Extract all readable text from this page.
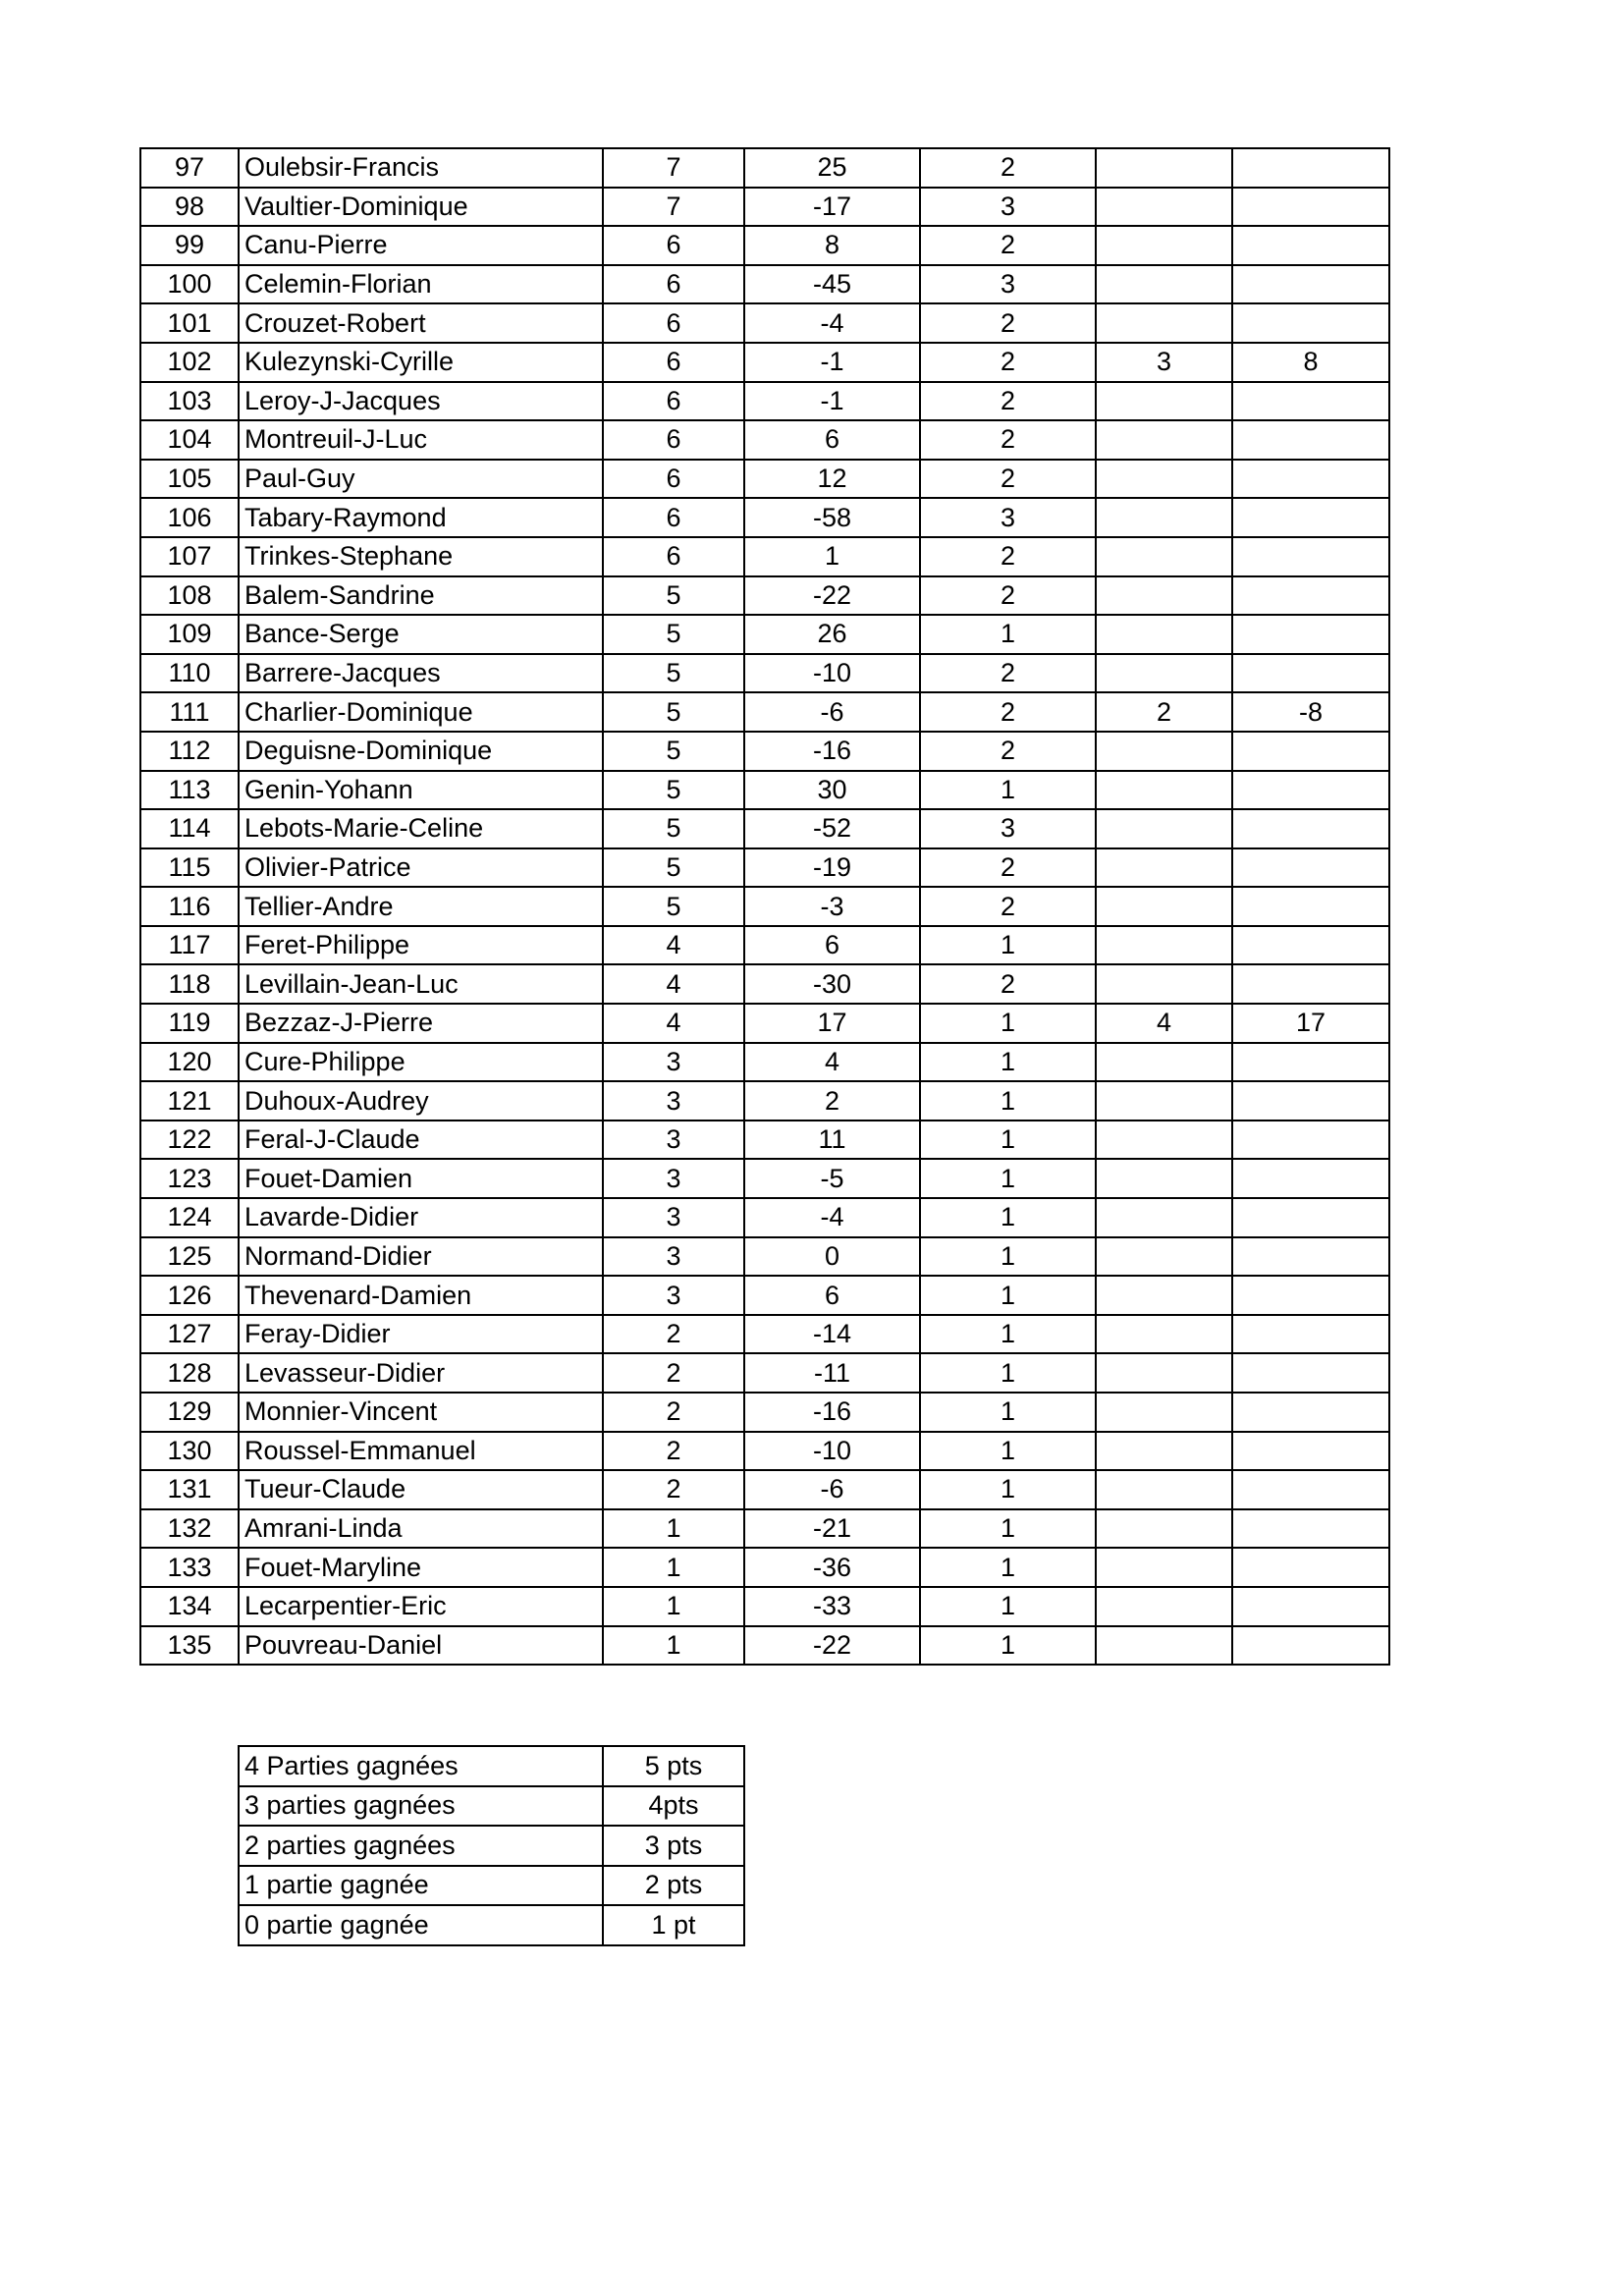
97	Oulebsir-Francis	7	25	2		
98	Vaultier-Dominique	7	-17	3		
99	Canu-Pierre	6	8	2		
100	Celemin-Florian	6	-45	3		
101	Crouzet-Robert	6	-4	2		
102	Kulezynski-Cyrille	6	-1	2	3	8
103	Leroy-J-Jacques	6	-1	2		
104	Montreuil-J-Luc	6	6	2		
105	Paul-Guy	6	12	2		
106	Tabary-Raymond	6	-58	3		
107	Trinkes-Stephane	6	1	2		
108	Balem-Sandrine	5	-22	2		
109	Bance-Serge	5	26	1		
110	Barrere-Jacques	5	-10	2		
111	Charlier-Dominique	5	-6	2	2	-8
112	Deguisne-Dominique	5	-16	2		
113	Genin-Yohann	5	30	1		
114	Lebots-Marie-Celine	5	-52	3		
115	Olivier-Patrice	5	-19	2		
116	Tellier-Andre	5	-3	2		
117	Feret-Philippe	4	6	1		
118	Levillain-Jean-Luc	4	-30	2		
119	Bezzaz-J-Pierre	4	17	1	4	17
120	Cure-Philippe	3	4	1		
121	Duhoux-Audrey	3	2	1		
122	Feral-J-Claude	3	11	1		
123	Fouet-Damien	3	-5	1		
124	Lavarde-Didier	3	-4	1		
125	Normand-Didier	3	0	1		
126	Thevenard-Damien	3	6	1		
127	Feray-Didier	2	-14	1		
128	Levasseur-Didier	2	-11	1		
129	Monnier-Vincent	2	-16	1		
130	Roussel-Emmanuel	2	-10	1		
131	Tueur-Claude	2	-6	1		
132	Amrani-Linda	1	-21	1		
133	Fouet-Maryline	1	-36	1		
134	Lecarpentier-Eric	1	-33	1		
135	Pouvreau-Daniel	1	-22	1		
4 Parties gagnées	5 pts
3 parties gagnées	4pts
2 parties gagnées	3 pts
1 partie gagnée	2 pts
0 partie gagnée	1 pt
